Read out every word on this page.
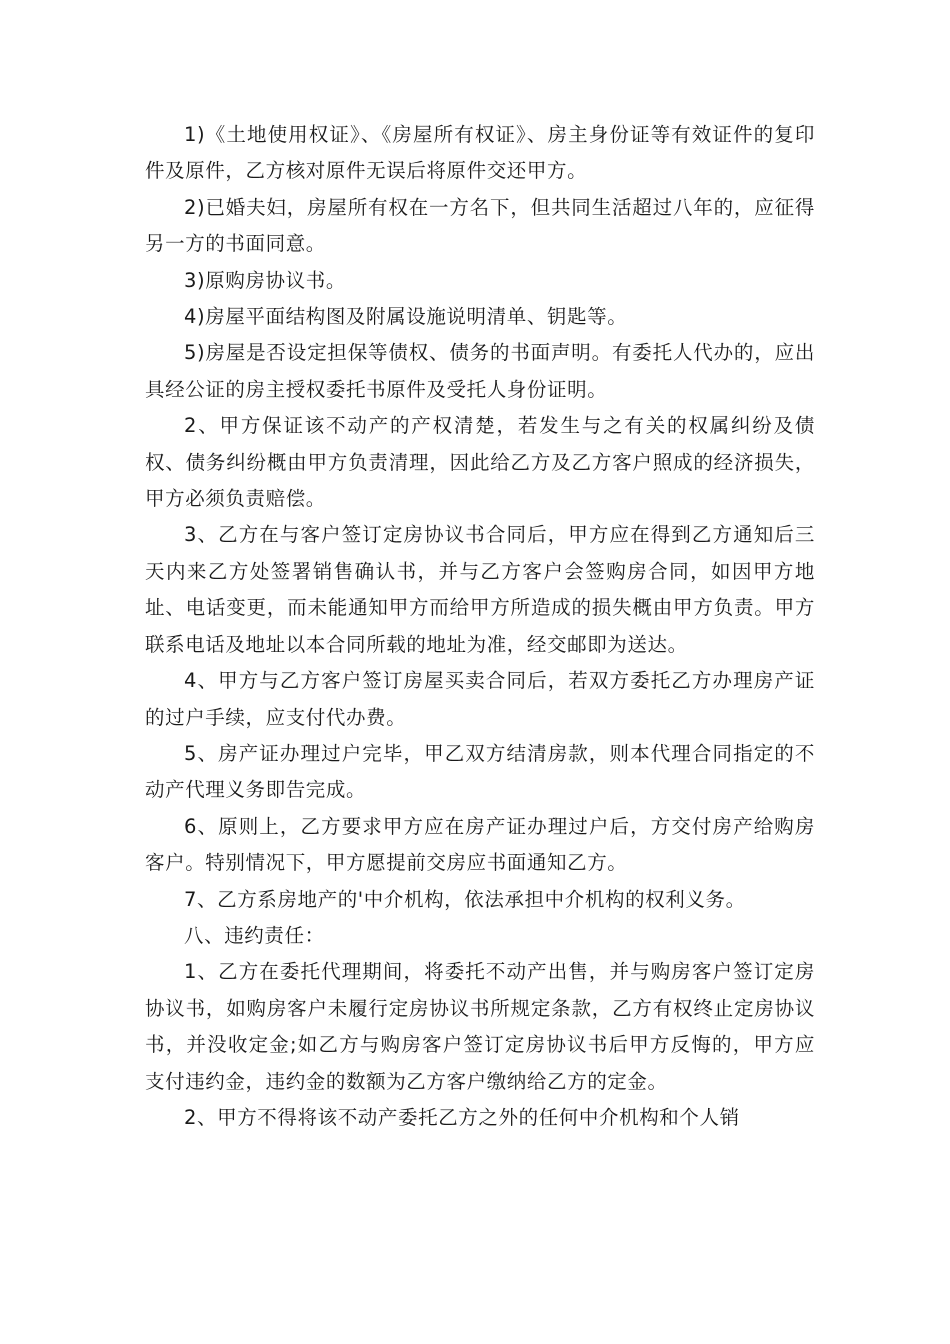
1)《土地使用权证》、《房屋所有权证》、房主身份证等有效证件的复印件及原件，乙方核对原件无误后将原件交还甲方。

2)已婚夫妇，房屋所有权在一方名下，但共同生活超过八年的，应征得另一方的书面同意。

3)原购房协议书。

4)房屋平面结构图及附属设施说明清单、钥匙等。

5)房屋是否设定担保等债权、债务的书面声明。有委托人代办的，应出具经公证的房主授权委托书原件及受托人身份证明。

2、甲方保证该不动产的产权清楚，若发生与之有关的权属纠纷及债权、债务纠纷概由甲方负责清理，因此给乙方及乙方客户照成的经济损失，甲方必须负责赔偿。

3、乙方在与客户签订定房协议书合同后，甲方应在得到乙方通知后三天内来乙方处签署销售确认书，并与乙方客户会签购房合同，如因甲方地址、电话变更，而未能通知甲方而给甲方所造成的损失概由甲方负责。甲方联系电话及地址以本合同所载的地址为准，经交邮即为送达。

4、甲方与乙方客户签订房屋买卖合同后，若双方委托乙方办理房产证的过户手续，应支付代办费。

5、房产证办理过户完毕，甲乙双方结清房款，则本代理合同指定的不动产代理义务即告完成。

6、原则上，乙方要求甲方应在房产证办理过户后，方交付房产给购房客户。特别情况下，甲方愿提前交房应书面通知乙方。

7、乙方系房地产的'中介机构，依法承担中介机构的权利义务。

八、违约责任：

1、乙方在委托代理期间，将委托不动产出售，并与购房客户签订定房协议书，如购房客户未履行定房协议书所规定条款，乙方有权终止定房协议书，并没收定金;如乙方与购房客户签订定房协议书后甲方反悔的，甲方应支付违约金，违约金的数额为乙方客户缴纳给乙方的定金。

2、甲方不得将该不动产委托乙方之外的任何中介机构和个人销
